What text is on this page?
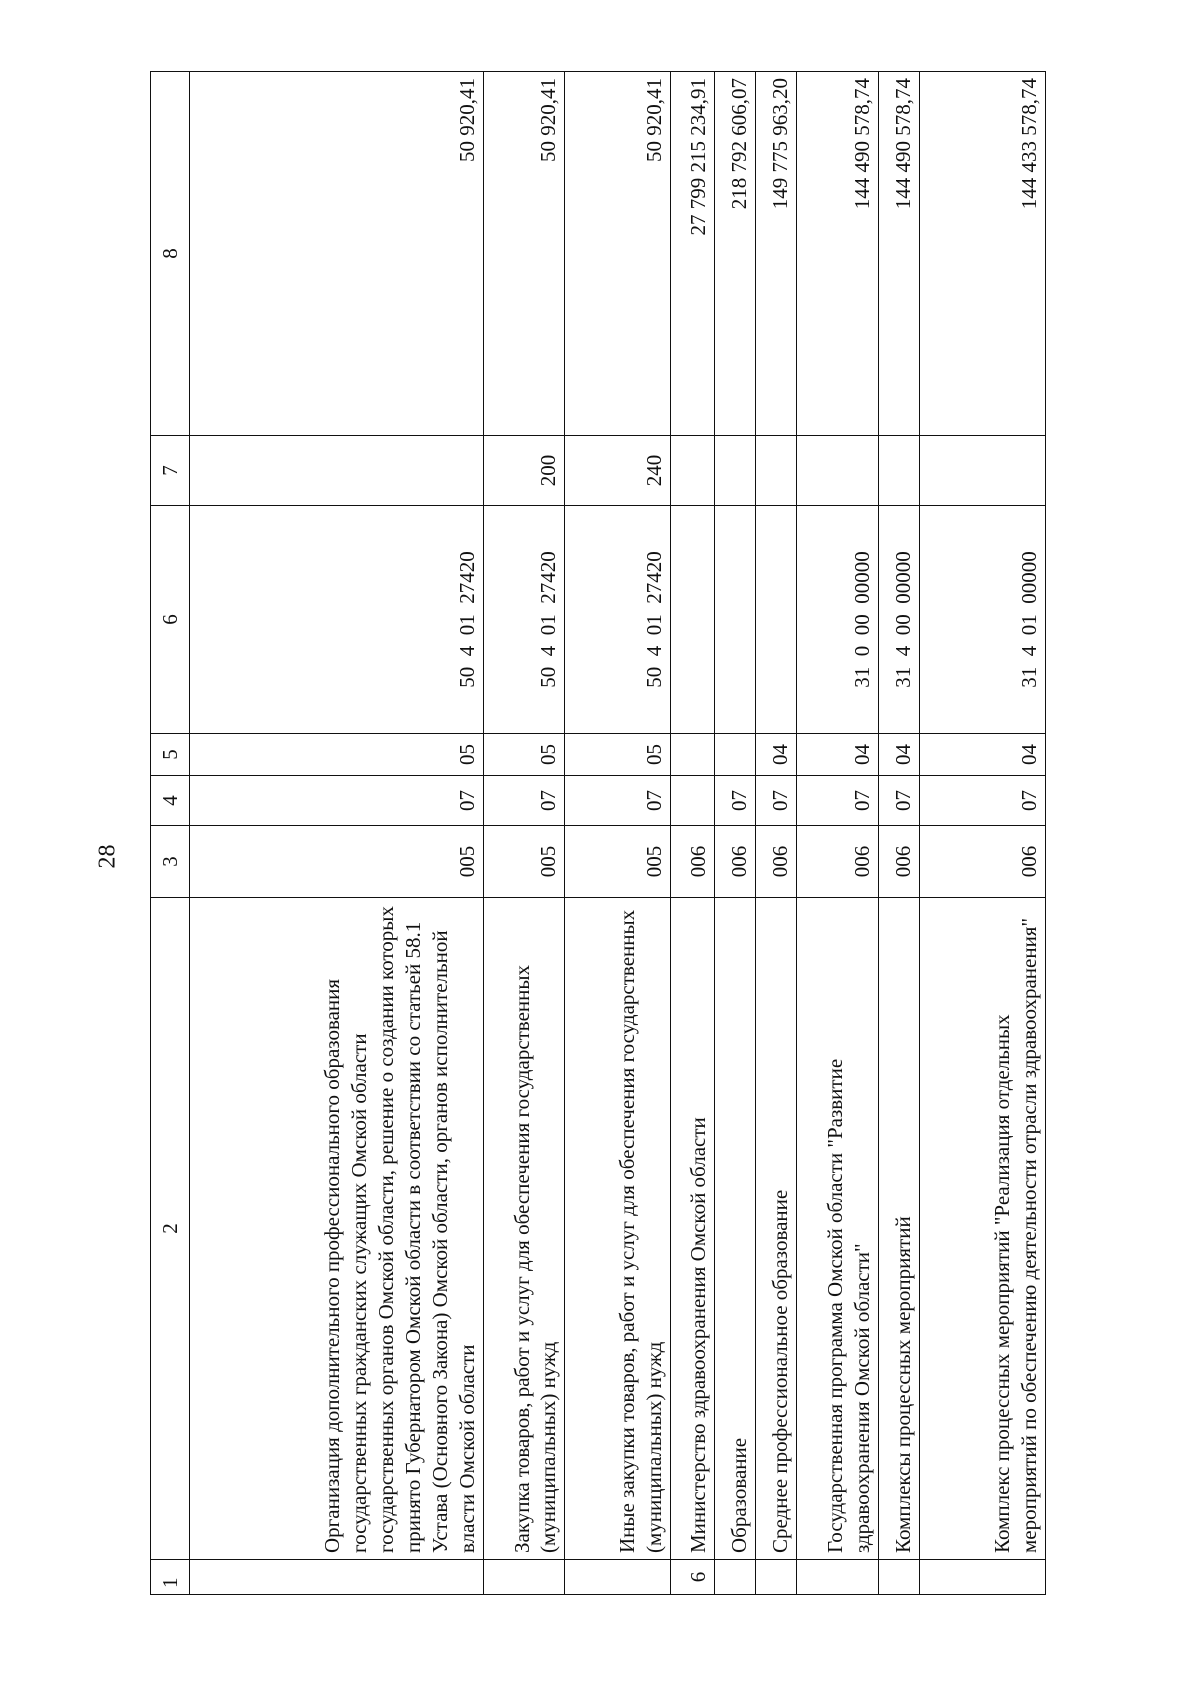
28
1	2	3	4	5	6	7	8
	Организация дополнительного профессионального образования государственных гражданских служащих Омской области государственных органов Омской области, решение о создании которых принято Губернатором Омской области в соответствии со статьей 58.1 Устава (Основного Закона) Омской области, органов исполнительной власти Омской области	005	07	05	50  4  01  27420		50 920,41
	Закупка товаров, работ и услуг для обеспечения государственных (муниципальных) нужд	005	07	05	50  4  01  27420	200	50 920,41
	Иные закупки товаров, работ и услуг для обеспечения государственных (муниципальных) нужд	005	07	05	50  4  01  27420	240	50 920,41
6	Министерство здравоохранения Омской области	006					27 799 215 234,91
	Образование	006	07				218 792 606,07
	Среднее профессиональное образование	006	07	04			149 775 963,20
	Государственная программа Омской области "Развитие здравоохранения Омской области"	006	07	04	31  0  00  00000		144 490 578,74
	Комплексы процессных мероприятий	006	07	04	31  4  00  00000		144 490 578,74
	Комплекс процессных мероприятий "Реализация отдельных мероприятий по обеспечению деятельности отрасли здравоохранения"	006	07	04	31  4  01  00000		144 433 578,74
